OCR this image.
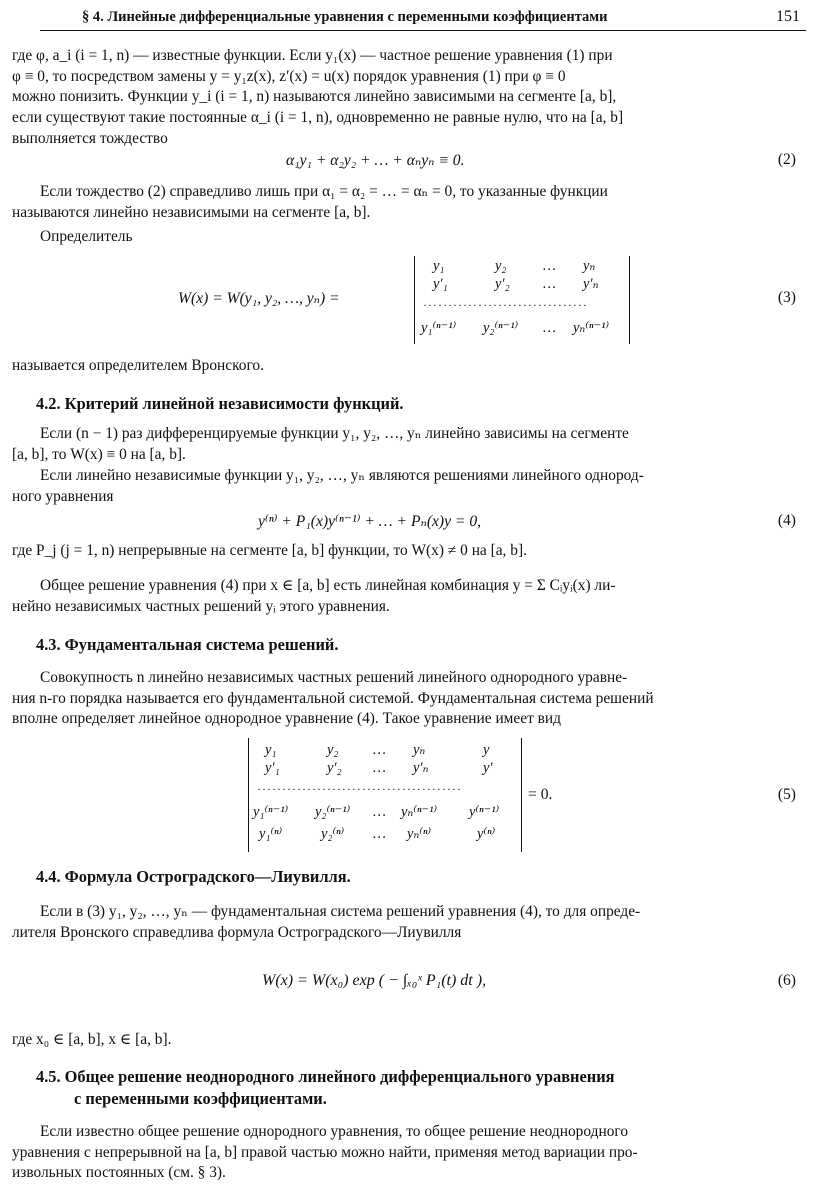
§ 4. Линейные дифференциальные уравнения с переменными коэффициентами	151
где φ, a_i (i = 1, n) — известные функции. Если y₁(x) — частное решение уравнения (1) при
φ ≡ 0, то посредством замены y = y₁z(x), z′(x) = u(x) порядок уравнения (1) при φ ≡ 0
можно понизить. Функции y_i (i = 1, n) называются линейно зависимыми на сегменте [a, b],
если существуют такие постоянные α_i (i = 1, n), одновременно не равные нулю, что на [a, b]
выполняется тождество
α₁y₁ + α₂y₂ + … + αₙyₙ ≡ 0.	(2)
Если тождество (2) справедливо лишь при α₁ = α₂ = … = αₙ = 0, то указанные функции
называются линейно независимыми на сегменте [a, b].
Определитель
W(x) = W(y₁, y₂, …, yₙ) =
y₁	y₂	… yₙ
y′₁	y′₂ … y′ₙ
·································
y₁⁽ⁿ⁻¹⁾ y₂⁽ⁿ⁻¹⁾ … yₙ⁽ⁿ⁻¹⁾
(3)
называется определителем Вронского.
4.2. Критерий линейной независимости функций.
Если (n − 1) раз дифференцируемые функции y₁, y₂, …, yₙ линейно зависимы на сегменте
[a, b], то W(x) ≡ 0 на [a, b].
Если линейно независимые функции y₁, y₂, …, yₙ являются решениями линейного однород-
ного уравнения
y⁽ⁿ⁾ + P₁(x)y⁽ⁿ⁻¹⁾ + … + Pₙ(x)y = 0,	(4)
где P_j (j = 1, n) непрерывные на сегменте [a, b] функции, то W(x) ≠ 0 на [a, b].
Общее решение уравнения (4) при x ∈ [a, b] есть линейная комбинация y = Σ Cᵢyᵢ(x) ли-
нейно независимых частных решений yᵢ этого уравнения.
4.3. Фундаментальная система решений.
Совокупность n линейно независимых частных решений линейного однородного уравне-
ния n-го порядка называется его фундаментальной системой. Фундаментальная система решений
вполне определяет линейное однородное уравнение (4). Такое уравнение имеет вид
y₁	y₂ … yₙ	y
y′₁	y′₂ … y′ₙ	y′
·········································
y₁⁽ⁿ⁻¹⁾ y₂⁽ⁿ⁻¹⁾ … yₙ⁽ⁿ⁻¹⁾ y⁽ⁿ⁻¹⁾
y₁⁽ⁿ⁾	y₂⁽ⁿ⁾ … yₙ⁽ⁿ⁾	y⁽ⁿ⁾
= 0.	(5)
4.4. Формула Остроградского—Лиувилля.
Если в (3) y₁, y₂, …, yₙ — фундаментальная система решений уравнения (4), то для опреде-
лителя Вронского справедлива формула Остроградского—Лиувилля
W(x) = W(x₀) exp ( − ∫ₓ₀ˣ P₁(t) dt ),	(6)
где x₀ ∈ [a, b], x ∈ [a, b].
4.5. Общее решение неоднородного линейного дифференциального уравнения
с переменными коэффициентами.
Если известно общее решение однородного уравнения, то общее решение неоднородного
уравнения с непрерывной на [a, b] правой частью можно найти, применяя метод вариации про-
извольных постоянных (см. § 3).
